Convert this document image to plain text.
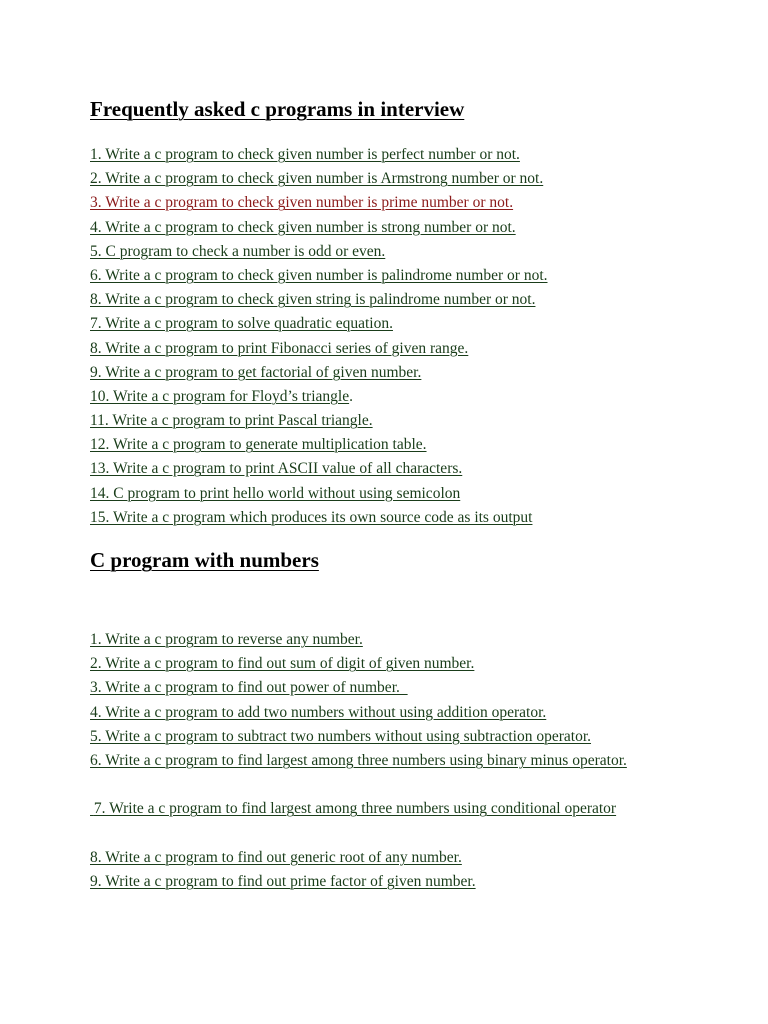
Frequently asked c programs in interview
1. Write a c program to check given number is perfect number or not.
2. Write a c program to check given number is Armstrong number or not.
3. Write a c program to check given number is prime number or not.
4. Write a c program to check given number is strong number or not.
5. C program to check a number is odd or even.
6. Write a c program to check given number is palindrome number or not.
8. Write a c program to check given string is palindrome number or not.
7. Write a c program to solve quadratic equation.
8. Write a c program to print Fibonacci series of given range.
9. Write a c program to get factorial of given number.
10. Write a c program for Floyd’s triangle.
11. Write a c program to print Pascal triangle.
12. Write a c program to generate multiplication table.
13. Write a c program to print ASCII value of all characters.
14. C program to print hello world without using semicolon
15. Write a c program which produces its own source code as its output
C program with numbers
1. Write a c program to reverse any number.
2. Write a c program to find out sum of digit of given number.
3. Write a c program to find out power of number.
4. Write a c program to add two numbers without using addition operator.
5. Write a c program to subtract two numbers without using subtraction operator.
6. Write a c program to find largest among three numbers using binary minus operator.
7. Write a c program to find largest among three numbers using conditional operator
8. Write a c program to find out generic root of any number.
9. Write a c program to find out prime factor of given number.
